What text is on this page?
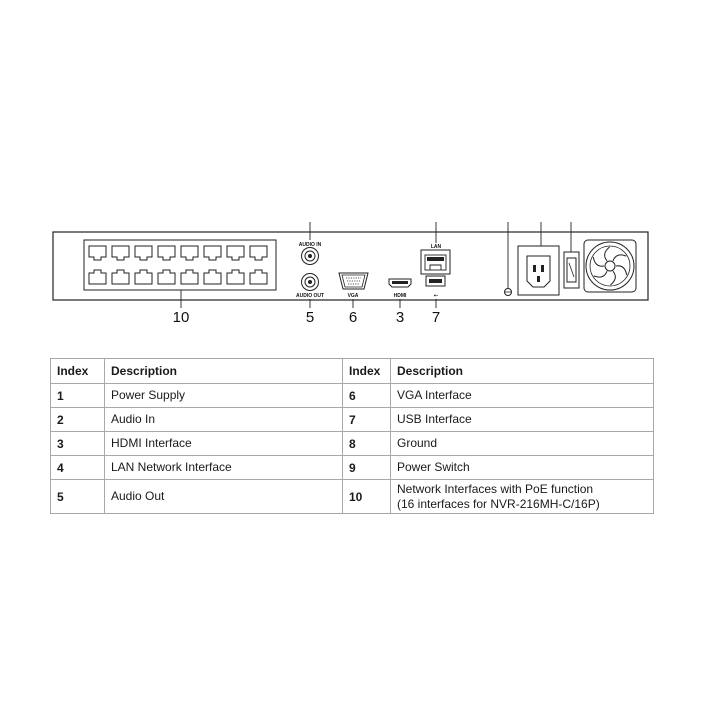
AUDIO IN
AUDIO OUT	VGA	HDMI
LAN
⇠
10	5 6	3 7
Index	Description	Index	Description
1	Power Supply	6	VGA Interface
2	Audio In	7	USB Interface
3	HDMI Interface	8	Ground
4	LAN Network Interface	9	Power Switch
5	Audio Out	10	Network Interfaces with PoE function
(16 interfaces for NVR-216MH-C/16P)
